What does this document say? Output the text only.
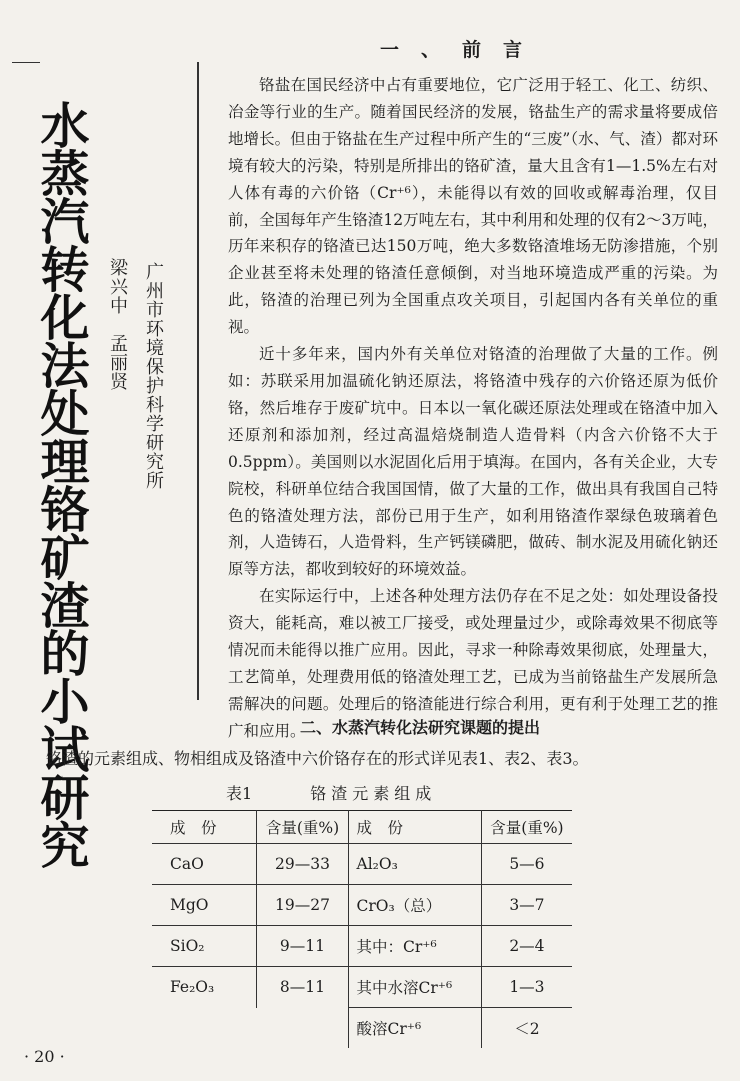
水蒸汽转化法处理铬矿渣的小试研究	广州市环境保护科学研究所
梁兴中　孟丽贤
一、前言

铬盐在国民经济中占有重要地位，它广泛用于轻工、化工、纺织、冶金等行业的生产。随着国民经济的发展，铬盐生产的需求量将要成倍地增长。但由于铬盐在生产过程中所产生的“三废”（水、气、渣）都对环境有较大的污染，特别是所排出的铬矿渣，量大且含有1—1.5%左右对人体有毒的六价铬（Cr⁺⁶），未能得以有效的回收或解毒治理，仅目前，全国每年产生铬渣12万吨左右，其中利用和处理的仅有2～3万吨，历年来积存的铬渣已达150万吨，绝大多数铬渣堆场无防渗措施，个别企业甚至将未处理的铬渣任意倾倒，对当地环境造成严重的污染。为此，铬渣的治理已列为全国重点攻关项目，引起国内各有关单位的重视。

近十多年来，国内外有关单位对铬渣的治理做了大量的工作。例如：苏联采用加温硫化钠还原法，将铬渣中残存的六价铬还原为低价铬，然后堆存于废矿坑中。日本以一氧化碳还原法处理或在铬渣中加入还原剂和添加剂，经过高温焙烧制造人造骨料（内含六价铬不大于0.5ppm）。美国则以水泥固化后用于填海。在国内，各有关企业，大专院校，科研单位结合我国国情，做了大量的工作，做出具有我国自己特色的铬渣处理方法，部份已用于生产，如利用铬渣作翠绿色玻璃着色剂，人造铸石，人造骨料，生产钙镁磷肥，做砖、制水泥及用硫化钠还原等方法，都收到较好的环境效益。

在实际运行中，上述各种处理方法仍存在不足之处：如处理设备投资大，能耗高，难以被工厂接受，或处理量过少，或除毒效果不彻底等情况而未能得以推广应用。因此，寻求一种除毒效果彻底，处理量大，工艺简单，处理费用低的铬渣处理工艺，已成为当前铬盐生产发展所急需解决的问题。处理后的铬渣能进行综合利用，更有利于处理工艺的推广和应用。

二、水蒸汽转化法研究课题的提出
铬渣的元素组成、物相组成及铬渣中六价铬存在的形式详见表1、表2、表3。
表1	铬渣元素组成
成　份	含量(重%)	成　份	含量(重%)
CaO	29—33	Al₂O₃	5—6
MgO	19—27	CrO₃（总）	3—7
SiO₂	9—11	其中：Cr⁺⁶	2—4
Fe₂O₃	8—11	其中水溶Cr⁺⁶	1—3
		酸溶Cr⁺⁶	＜2
· 20 ·
